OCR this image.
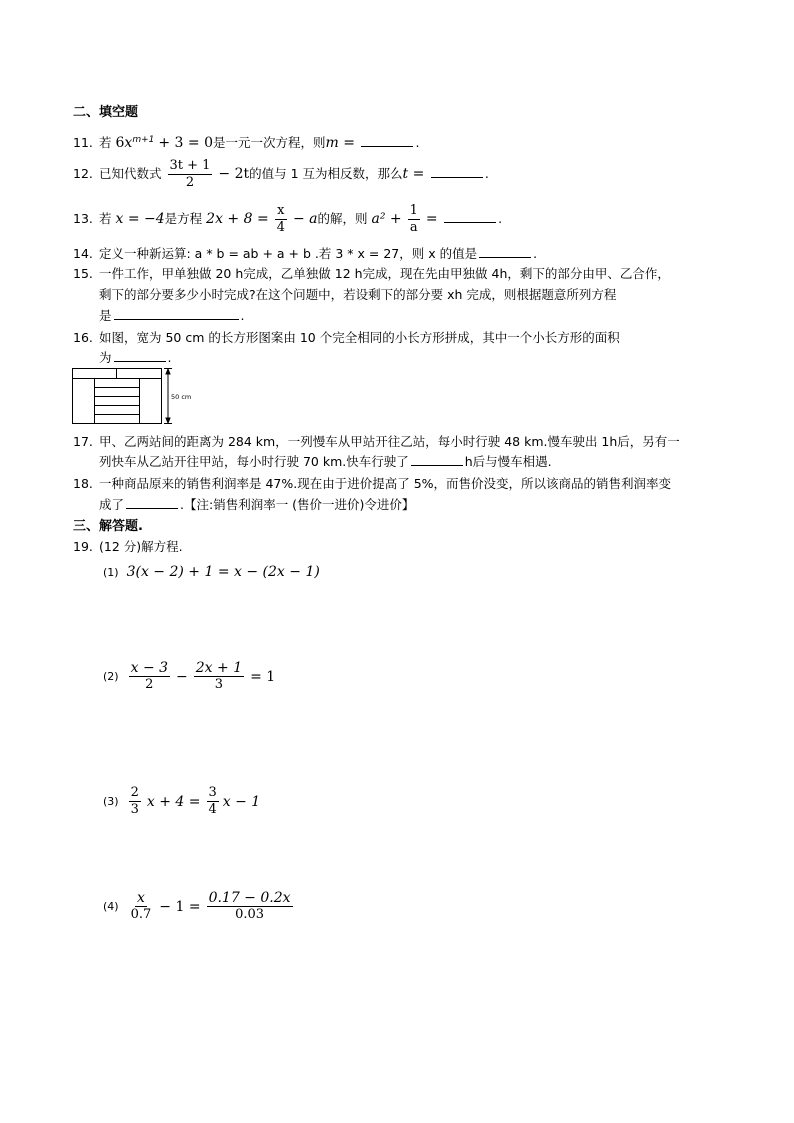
二、填空题
11. 若 $6x^{m+1} + 3 = 0$是一元一次方程，则m =	.
12. 已知代数式 $\frac{3t + 1}{2} - 2t$的值与 1 互为相反数，那么t =	.
13. 若 x = −4是方程 $2x + 8 = \frac{x}{4} - a$的解，则 $a^2 + \frac{1}{a}$ =	.
14. 定义一种新运算: a * b = ab + a + b .若 3 * x = 27，则 x 的值是	.
15. 一件工作，甲单独做 20 h完成，乙单独做 12 h完成，现在先由甲独做 4h，剩下的部分由甲、乙合作，
剩下的部分要多少小时完成?在这个问题中，若设剩下的部分要 xh 完成，则根据题意所列方程
是	.
16. 如图，宽为 50 cm 的长方形图案由 10 个完全相同的小长方形拼成，其中一个小长方形的面积
为	.
50 cm
17. 甲、乙两站间的距离为 284 km，一列慢车从甲站开往乙站，每小时行驶 48 km.慢车驶出 1h后，另有一
列快车从乙站开往甲站，每小时行驶 70 km.快车行驶了	h后与慢车相遇.
18. 一种商品原来的销售利润率是 47%.现在由于进价提高了 5%，而售价没变，所以该商品的销售利润率变
成了	.【注:销售利润率一 (售价一进价)令进价】
三、解答题.
19. (12 分)解方程.
(1) 3(x − 2) + 1 = x − (2x − 1)
$(2) \frac{x - 3}{2} - \frac{2x + 1}{3} = 1$
$(3) \frac{2}{3}$ $x + 4 = \frac{3}{4}$ x − 1
$(4) \frac{x}{0.7} - 1 = \frac{0.17 - 0.2x}{0.03}$
